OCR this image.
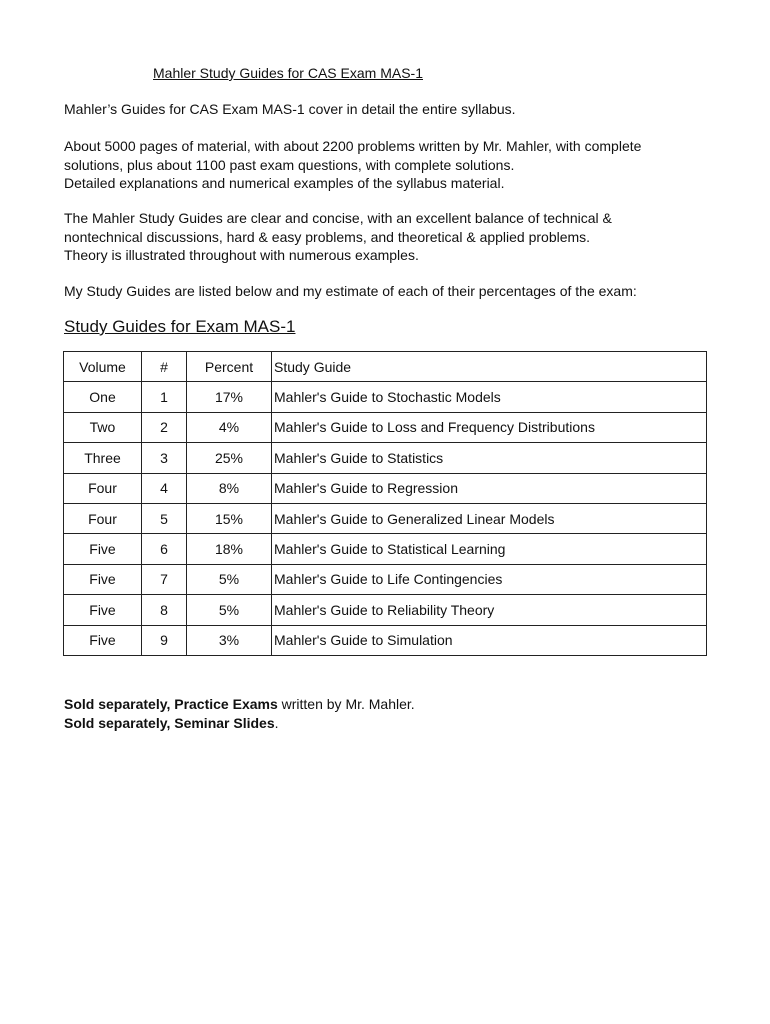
Mahler Study Guides for CAS Exam MAS-1
Mahler’s Guides for CAS Exam MAS-1 cover in detail the entire syllabus.
About 5000 pages of material, with about 2200 problems written by Mr. Mahler, with complete
solutions, plus about 1100 past exam questions, with complete solutions.
Detailed explanations and numerical examples of the syllabus material.
The Mahler Study Guides are clear and concise, with an excellent balance of technical &
nontechnical discussions, hard & easy problems, and theoretical & applied problems.
Theory is illustrated throughout with numerous examples.
My Study Guides are listed below and my estimate of each of their percentages of the exam:
Study Guides for Exam MAS-1
Volume	#	Percent	Study Guide
One	1	17%	Mahler's Guide to Stochastic Models
Two	2	4%	Mahler's Guide to Loss and Frequency Distributions
Three	3	25%	Mahler's Guide to Statistics
Four	4	8%	Mahler's Guide to Regression
Four	5	15%	Mahler's Guide to Generalized Linear Models
Five	6	18%	Mahler's Guide to Statistical Learning
Five	7	5%	Mahler's Guide to Life Contingencies
Five	8	5%	Mahler's Guide to Reliability Theory
Five	9	3%	Mahler's Guide to Simulation
Sold separately, Practice Exams written by Mr. Mahler.
Sold separately, Seminar Slides.
